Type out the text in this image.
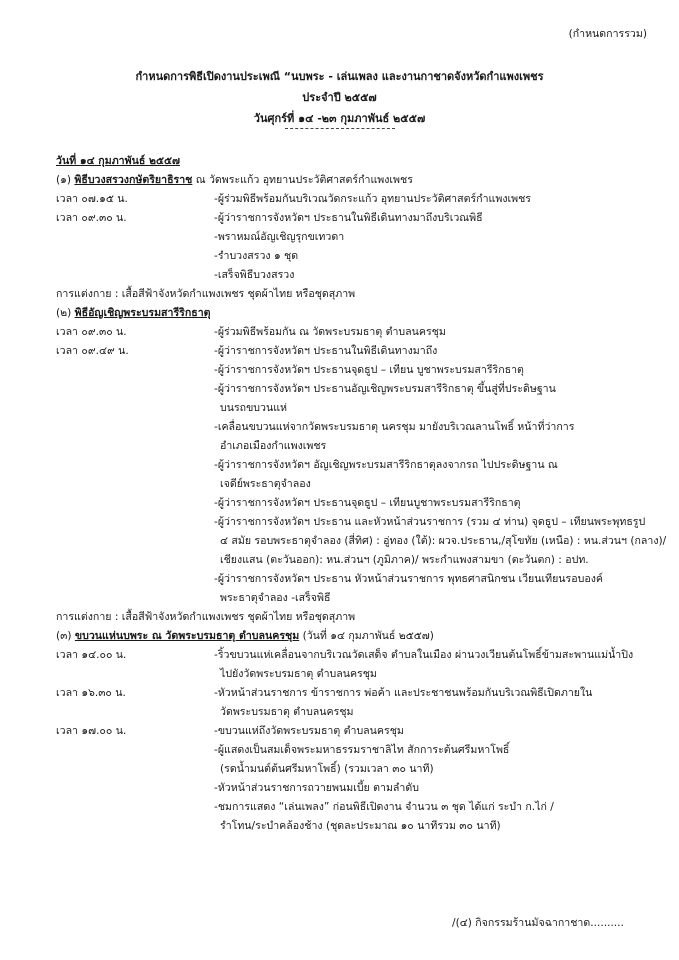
(กำหนดการรวม)
กำหนดการพิธีเปิดงานประเพณี “นบพระ - เล่นเพลง และงานกาชาดจังหวัดกำแพงเพชร
ประจำปี ๒๕๕๗
วันศุกร์ที่ ๑๔ -๒๓ กุมภาพันธ์ ๒๕๕๗
วันที่ ๑๔ กุมภาพันธ์ ๒๕๕๗
(๑) พิธีบวงสรวงกษัตริยาธิราช ณ วัดพระแก้ว อุทยานประวัติศาสตร์กำแพงเพชร
เวลา ๐๗.๑๕ น.	-ผู้ร่วมพิธีพร้อมกันบริเวณวัดกระแก้ว อุทยานประวัติศาสตร์กำแพงเพชร
เวลา ๐๙.๓๐ น.	-ผู้ว่าราชการจังหวัดฯ ประธานในพิธีเดินทางมาถึงบริเวณพิธี
-พราหมณ์อัญเชิญรุกขเทวดา
-รำบวงสรวง ๑ ชุด
-เสร็จพิธีบวงสรวง
การแต่งกาย : เสื้อสีฟ้าจังหวัดกำแพงเพชร ชุดผ้าไทย หรือชุดสุภาพ
(๒) พิธีอัญเชิญพระบรมสารีริกธาตุ
เวลา ๐๙.๓๐ น.	-ผู้ร่วมพิธีพร้อมกัน ณ วัดพระบรมธาตุ ตำบลนครชุม
เวลา ๐๙.๔๙ น.	-ผู้ว่าราชการจังหวัดฯ ประธานในพิธีเดินทางมาถึง
-ผู้ว่าราชการจังหวัดฯ ประธานจุดธูป – เทียน บูชาพระบรมสารีริกธาตุ
-ผู้ว่าราชการจังหวัดฯ ประธานอัญเชิญพระบรมสารีริกธาตุ ขึ้นสู่ที่ประดิษฐาน
บนรถขบวนแห่
-เคลื่อนขบวนแห่จากวัดพระบรมธาตุ นครชุม มายังบริเวณลานโพธิ์ หน้าที่ว่าการ
อำเภอเมืองกำแพงเพชร
-ผู้ว่าราชการจังหวัดฯ อัญเชิญพระบรมสารีริกธาตุลงจากรถ ไปประดิษฐาน ณ
เจดีย์พระธาตุจำลอง
-ผู้ว่าราชการจังหวัดฯ ประธานจุดธูป – เทียนบูชาพระบรมสารีริกธาตุ
-ผู้ว่าราชการจังหวัดฯ ประธาน และหัวหน้าส่วนราชการ (รวม ๔ ท่าน) จุดธูป – เทียนพระพุทธรูป
๔ สมัย รอบพระธาตุจำลอง (สี่ทิศ) : อู่ทอง (ใต้): ผวจ.ประธาน,/สุโขทัย (เหนือ) : หน.ส่วนฯ (กลาง)/
เชียงแสน (ตะวันออก): หน.ส่วนฯ (ภูมิภาค)/ พระกำแพงสามขา (ตะวันตก) : อปท.
-ผู้ว่าราชการจังหวัดฯ ประธาน หัวหน้าส่วนราชการ พุทธศาสนิกชน เวียนเทียนรอบองค์
พระธาตุจำลอง -เสร็จพิธี
การแต่งกาย : เสื้อสีฟ้าจังหวัดกำแพงเพชร ชุดผ้าไทย หรือชุดสุภาพ
(๓) ขบวนแห่นบพระ ณ วัดพระบรมธาตุ ตำบลนครชุม (วันที่ ๑๔ กุมภาพันธ์ ๒๕๕๗)
เวลา ๑๔.๐๐ น.	-ริ้วขบวนแห่เคลื่อนจากบริเวณวัดเสด็จ ตำบลในเมือง ผ่านวงเวียนต้นโพธิ์ข้ามสะพานแม่น้ำปิง
ไปยังวัดพระบรมธาตุ ตำบลนครชุม
เวลา ๑๖.๓๐ น.	-หัวหน้าส่วนราชการ ข้าราชการ พ่อค้า และประชาชนพร้อมกันบริเวณพิธีเปิดภายใน
วัดพระบรมธาตุ ตำบลนครชุม
เวลา ๑๗.๐๐ น.	-ขบวนแห่ถึงวัดพระบรมธาตุ ตำบลนครชุม
-ผู้แสดงเป็นสมเด็จพระมหาธรรมราชาลิไท สักการะต้นศรีมหาโพธิ์
(รดน้ำมนต์ต้นศรีมหาโพธิ์) (รวมเวลา ๓๐ นาที)
-หัวหน้าส่วนราชการถวายพนมเบี้ย ตามลำดับ
-ชมการแสดง “เล่นเพลง” ก่อนพิธีเปิดงาน จำนวน ๓ ชุด ได้แก่ ระบำ ก.ไก่ /
รำโทน/ระบำคล้องช้าง (ชุดละประมาณ ๑๐ นาทีรวม ๓๐ นาที)
/(๔) กิจกรรมร้านมัจฉากาชาด..........
